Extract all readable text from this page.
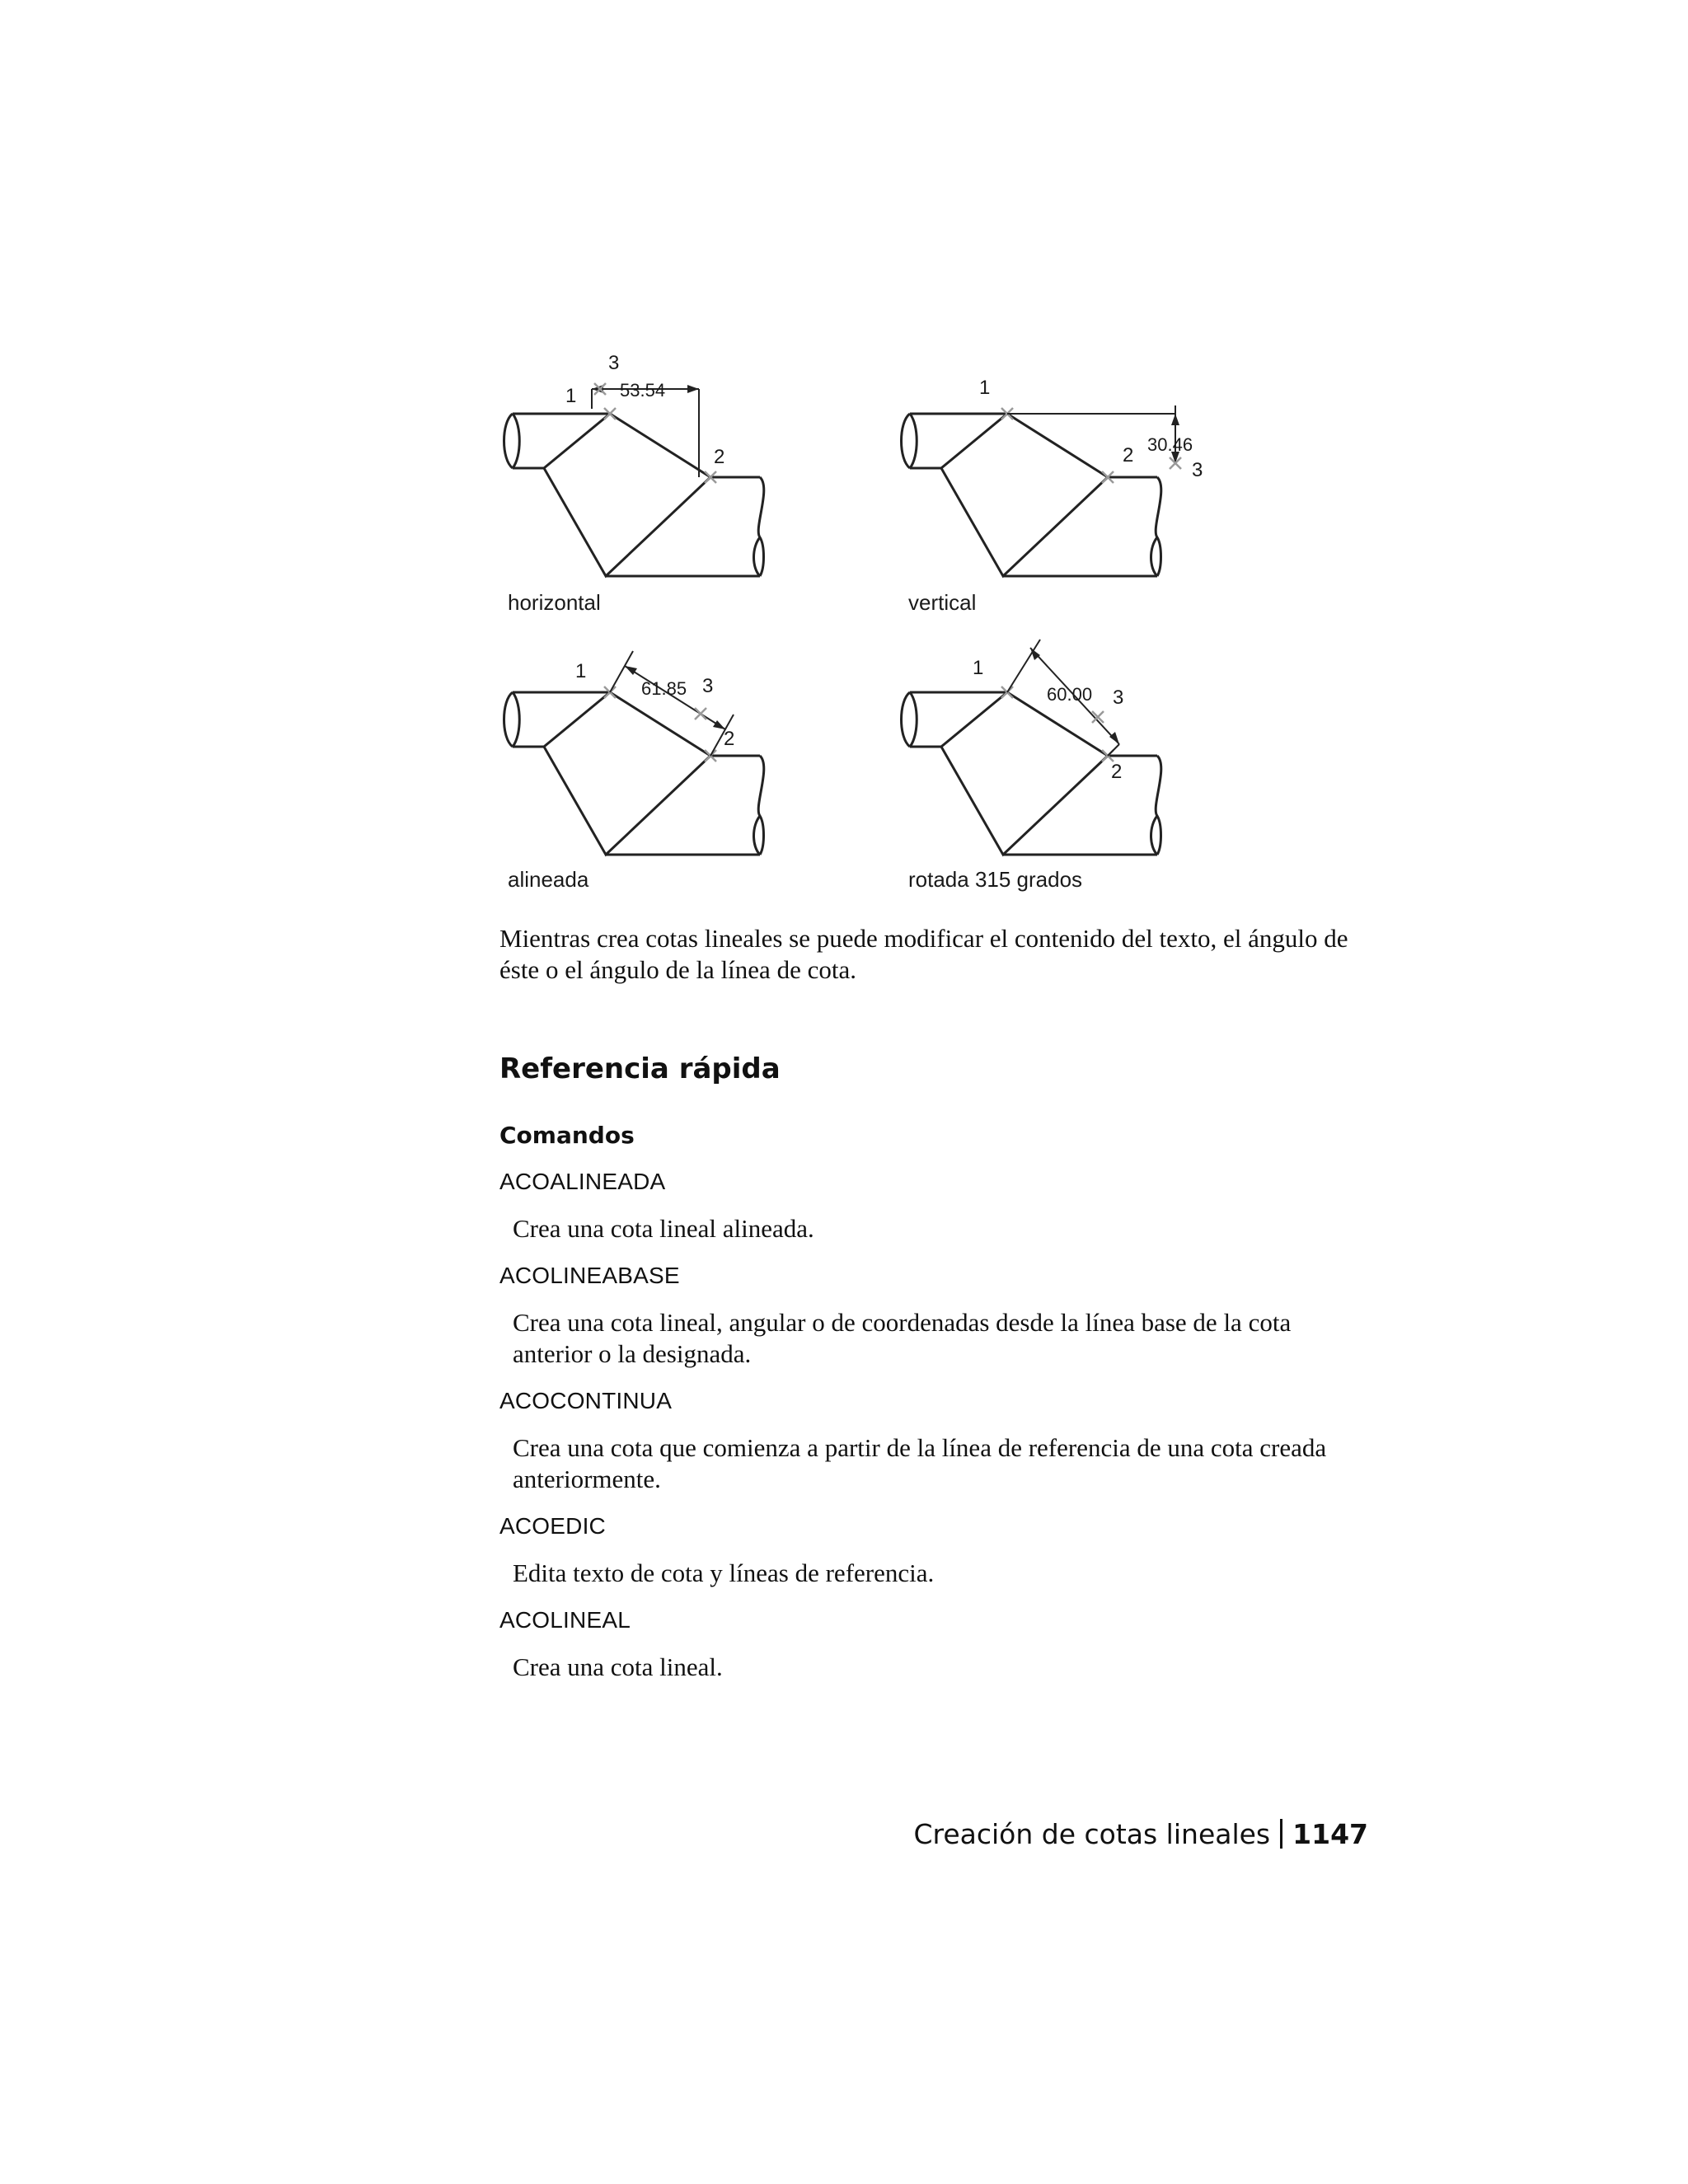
53.54
3
1
2
horizontal
1
2 30.46
3
vertical
1
61.85 3
2
alineada
1
60.00 3
2
rotada 315 grados

Mientras crea cotas lineales se puede modificar el contenido del texto, el ángulo de éste o el ángulo de la línea de cota.

Referencia rápida
Comandos
ACOALINEADA
Crea una cota lineal alineada.
ACOLINEABASE
Crea una cota lineal, angular o de coordenadas desde la línea base de la cota anterior o la designada.
ACOCONTINUA
Crea una cota que comienza a partir de la línea de referencia de una cota creada anteriormente.
ACOEDIC
Edita texto de cota y líneas de referencia.
ACOLINEAL
Crea una cota lineal.
Creación de cotas lineales 1147
